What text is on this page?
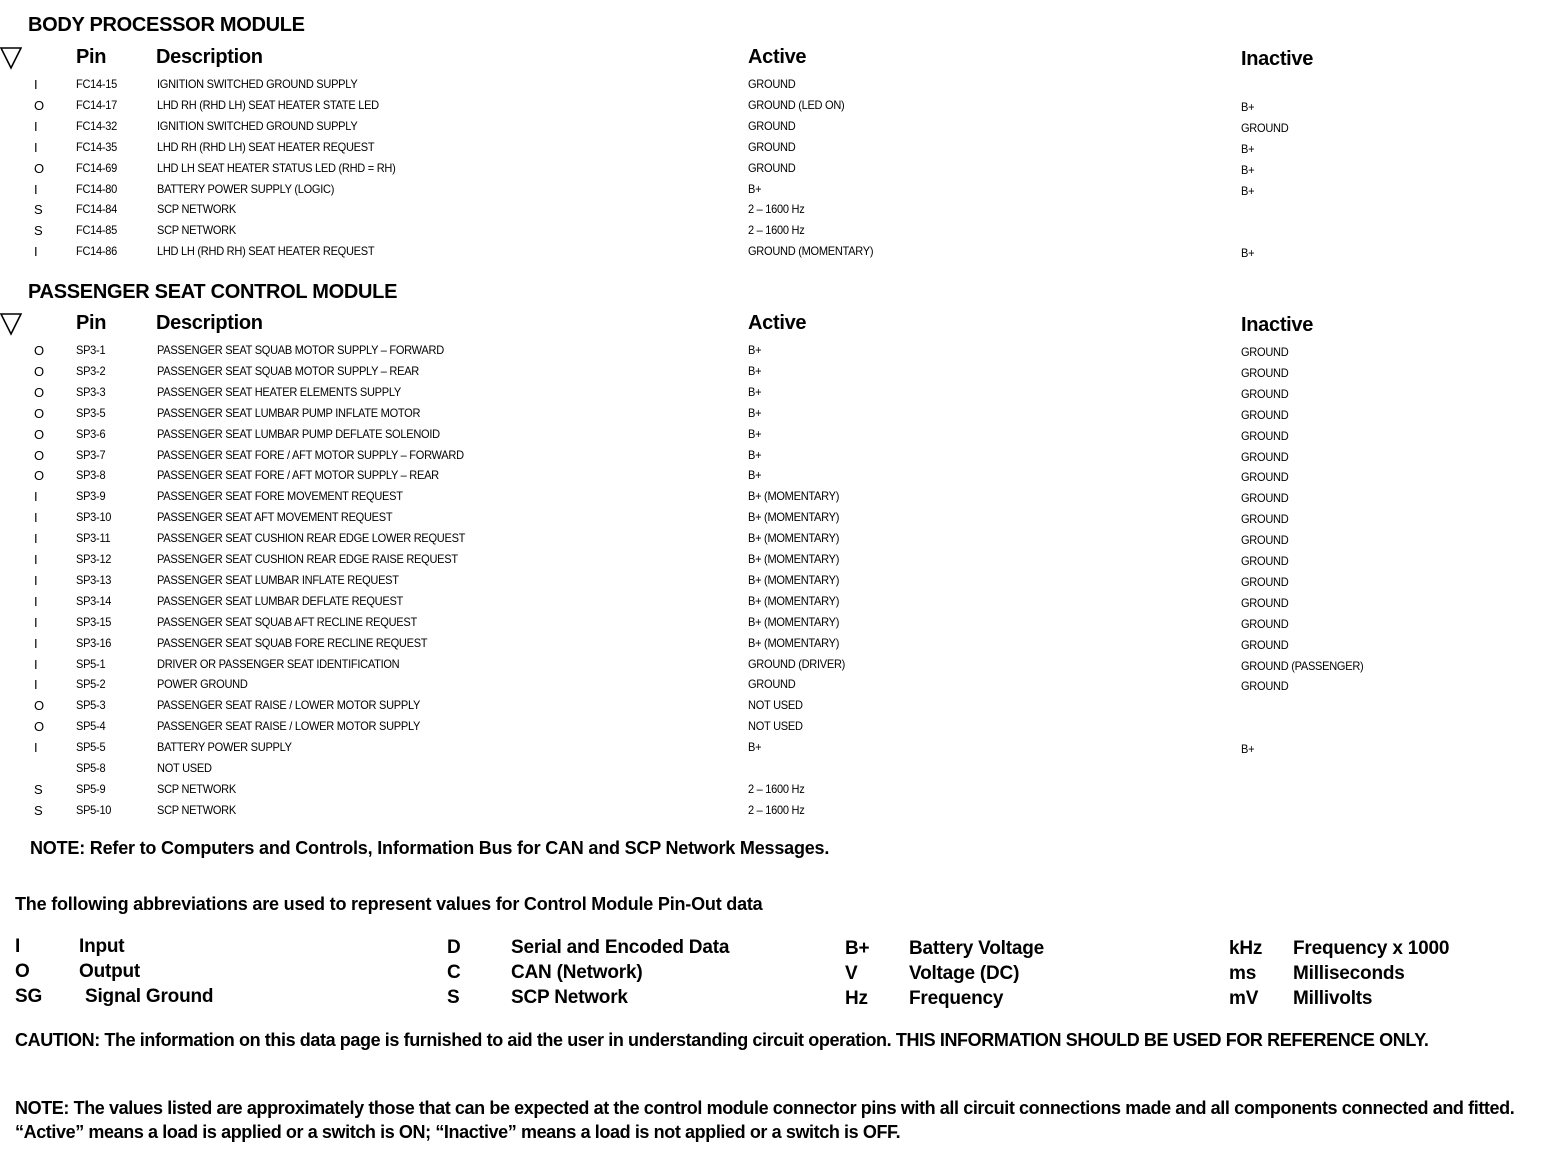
BODY PROCESSOR MODULE
Pin Description	Active	Inactive
I	FC14-15	IGNITION SWITCHED GROUND SUPPLY	GROUND
O	FC14-17	LHD RH (RHD LH) SEAT HEATER STATE LED	GROUND (LED ON)	B+
I	FC14-32	IGNITION SWITCHED GROUND SUPPLY	GROUND	GROUND
I	FC14-35	LHD RH (RHD LH) SEAT HEATER REQUEST	GROUND	B+
O	FC14-69	LHD LH SEAT HEATER STATUS LED (RHD = RH)	GROUND	B+
I	FC14-80	BATTERY POWER SUPPLY (LOGIC)	B+	B+
S	FC14-84	SCP NETWORK	2 – 1600 Hz
S	FC14-85	SCP NETWORK	2 – 1600 Hz
I	FC14-86	LHD LH (RHD RH) SEAT HEATER REQUEST	GROUND (MOMENTARY)	B+
PASSENGER SEAT CONTROL MODULE
Pin Description	Active	Inactive
O	SP3-1	PASSENGER SEAT SQUAB MOTOR SUPPLY – FORWARD	B+	GROUND
O	SP3-2	PASSENGER SEAT SQUAB MOTOR SUPPLY – REAR	B+	GROUND
O	SP3-3	PASSENGER SEAT HEATER ELEMENTS SUPPLY	B+	GROUND
O	SP3-5	PASSENGER SEAT LUMBAR PUMP INFLATE MOTOR	B+	GROUND
O	SP3-6	PASSENGER SEAT LUMBAR PUMP DEFLATE SOLENOID	B+	GROUND
O	SP3-7	PASSENGER SEAT FORE / AFT MOTOR SUPPLY – FORWARD	B+	GROUND
O	SP3-8	PASSENGER SEAT FORE / AFT MOTOR SUPPLY – REAR	B+	GROUND
I	SP3-9	PASSENGER SEAT FORE MOVEMENT REQUEST	B+ (MOMENTARY)	GROUND
I	SP3-10	PASSENGER SEAT AFT MOVEMENT REQUEST	B+ (MOMENTARY)	GROUND
I	SP3-11	PASSENGER SEAT CUSHION REAR EDGE LOWER REQUEST	B+ (MOMENTARY)	GROUND
I	SP3-12	PASSENGER SEAT CUSHION REAR EDGE RAISE REQUEST	B+ (MOMENTARY)	GROUND
I	SP3-13	PASSENGER SEAT LUMBAR INFLATE REQUEST	B+ (MOMENTARY)	GROUND
I	SP3-14	PASSENGER SEAT LUMBAR DEFLATE REQUEST	B+ (MOMENTARY)	GROUND
I	SP3-15	PASSENGER SEAT SQUAB AFT RECLINE REQUEST	B+ (MOMENTARY)	GROUND
I	SP3-16	PASSENGER SEAT SQUAB FORE RECLINE REQUEST	B+ (MOMENTARY)	GROUND
I	SP5-1	DRIVER OR PASSENGER SEAT IDENTIFICATION	GROUND (DRIVER)	GROUND (PASSENGER)
I	SP5-2	POWER GROUND	GROUND	GROUND
O	SP5-3	PASSENGER SEAT RAISE / LOWER MOTOR SUPPLY	NOT USED
O	SP5-4	PASSENGER SEAT RAISE / LOWER MOTOR SUPPLY	NOT USED
I	SP5-5	BATTERY POWER SUPPLY	B+	B+
SP5-8	NOT USED
S	SP5-9	SCP NETWORK	2 – 1600 Hz
S	SP5-10	SCP NETWORK	2 – 1600 Hz

NOTE: Refer to Computers and Controls, Information Bus for CAN and SCP Network Messages.

The following abbreviations are used to represent values for Control Module Pin-Out data

I	Input
O	Output
SG Signal Ground
D	Serial and Encoded Data
C	CAN (Network)
S	SCP Network
B+ Battery Voltage
V	Voltage (DC)
Hz Frequency
kHz Frequency x 1000
ms Milliseconds
mV Millivolts

CAUTION: The information on this data page is furnished to aid the user in understanding circuit operation. THIS INFORMATION SHOULD BE USED FOR REFERENCE ONLY.

NOTE: The values listed are approximately those that can be expected at the control module connector pins with all circuit connections made and all components connected and fitted. “Active” means a load is applied or a switch is ON; “Inactive” means a load is not applied or a switch is OFF.
